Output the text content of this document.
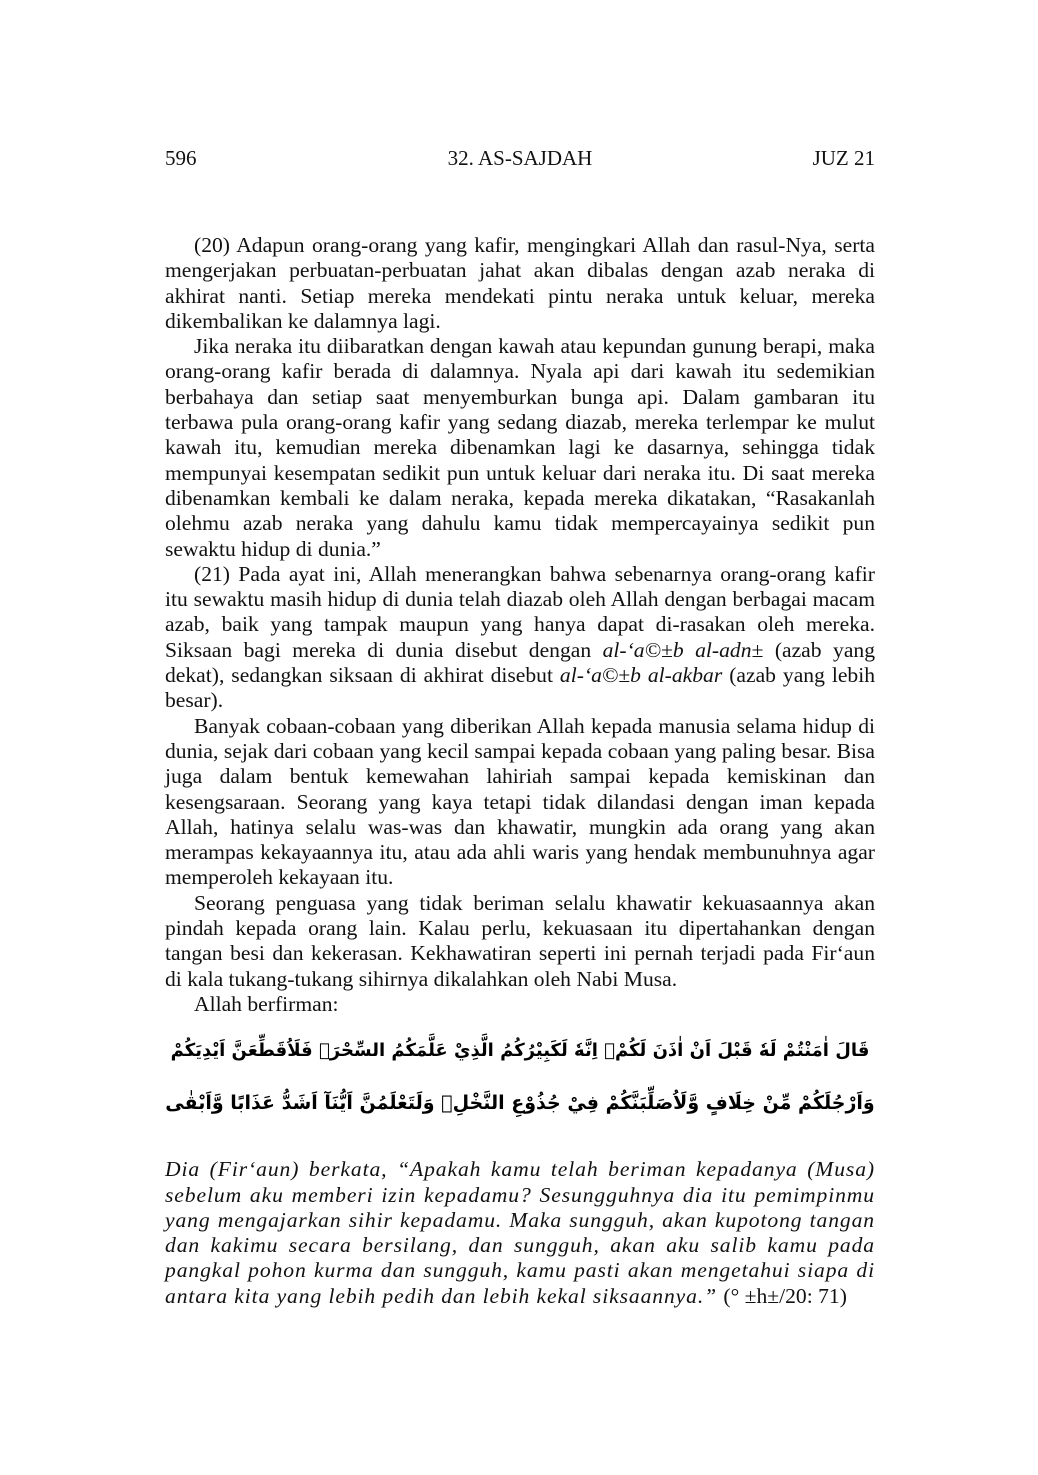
596	32. AS-SAJDAH	JUZ 21

(20) Adapun orang-orang yang kafir, mengingkari Allah dan rasul-Nya, serta mengerjakan perbuatan-perbuatan jahat akan dibalas dengan azab neraka di akhirat nanti. Setiap mereka mendekati pintu neraka untuk keluar, mereka dikembalikan ke dalamnya lagi.

Jika neraka itu diibaratkan dengan kawah atau kepundan gunung berapi, maka orang-orang kafir berada di dalamnya. Nyala api dari kawah itu sedemikian berbahaya dan setiap saat menyemburkan bunga api. Dalam gambaran itu terbawa pula orang-orang kafir yang sedang diazab, mereka terlempar ke mulut kawah itu, kemudian mereka dibenamkan lagi ke dasarnya, sehingga tidak mempunyai kesempatan sedikit pun untuk keluar dari neraka itu. Di saat mereka dibenamkan kembali ke dalam neraka, kepada mereka dikatakan, “Rasakanlah olehmu azab neraka yang dahulu kamu tidak mempercayainya sedikit pun sewaktu hidup di dunia.”

(21) Pada ayat ini, Allah menerangkan bahwa sebenarnya orang-orang kafir itu sewaktu masih hidup di dunia telah diazab oleh Allah dengan berbagai macam azab, baik yang tampak maupun yang hanya dapat di-rasakan oleh mereka. Siksaan bagi mereka di dunia disebut dengan al-‘a©±b al-adn± (azab yang dekat), sedangkan siksaan di akhirat disebut al-‘a©±b al-akbar (azab yang lebih besar).

Banyak cobaan-cobaan yang diberikan Allah kepada manusia selama hidup di dunia, sejak dari cobaan yang kecil sampai kepada cobaan yang paling besar. Bisa juga dalam bentuk kemewahan lahiriah sampai kepada kemiskinan dan kesengsaraan. Seorang yang kaya tetapi tidak dilandasi dengan iman kepada Allah, hatinya selalu was-was dan khawatir, mungkin ada orang yang akan merampas kekayaannya itu, atau ada ahli waris yang hendak membunuhnya agar memperoleh kekayaan itu.

Seorang penguasa yang tidak beriman selalu khawatir kekuasaannya akan pindah kepada orang lain. Kalau perlu, kekuasaan itu dipertahankan dengan tangan besi dan kekerasan. Kekhawatiran seperti ini pernah terjadi pada Fir‘aun di kala tukang-tukang sihirnya dikalahkan oleh Nabi Musa.

Allah berfirman:

قَالَ اٰمَنْتُمْ لَهٗ قَبْلَ اَنْ اٰذَنَ لَكُمْۗ اِنَّهٗ لَكَبِيْرُكُمُ الَّذِيْ عَلَّمَكُمُ السِّحْرَۚ فَلَاُقَطِّعَنَّ اَيْدِيَكُمْ
وَاَرْجُلَكُمْ مِّنْ خِلَافٍ وَّلَاُصَلِّبَنَّكُمْ فِيْ جُذُوْعِ النَّخْلِۖ وَلَتَعْلَمُنَّ اَيُّنَآ اَشَدُّ عَذَابًا وَّاَبْقٰى
Dia (Fir‘aun) berkata, “Apakah kamu telah beriman kepadanya (Musa) sebelum aku memberi izin kepadamu? Sesungguhnya dia itu pemimpinmu yang mengajarkan sihir kepadamu. Maka sungguh, akan kupotong tangan dan kakimu secara bersilang, dan sungguh, akan aku salib kamu pada pangkal pohon kurma dan sungguh, kamu pasti akan mengetahui siapa di antara kita yang lebih pedih dan lebih kekal siksaannya.” (° ±h±/20: 71)
